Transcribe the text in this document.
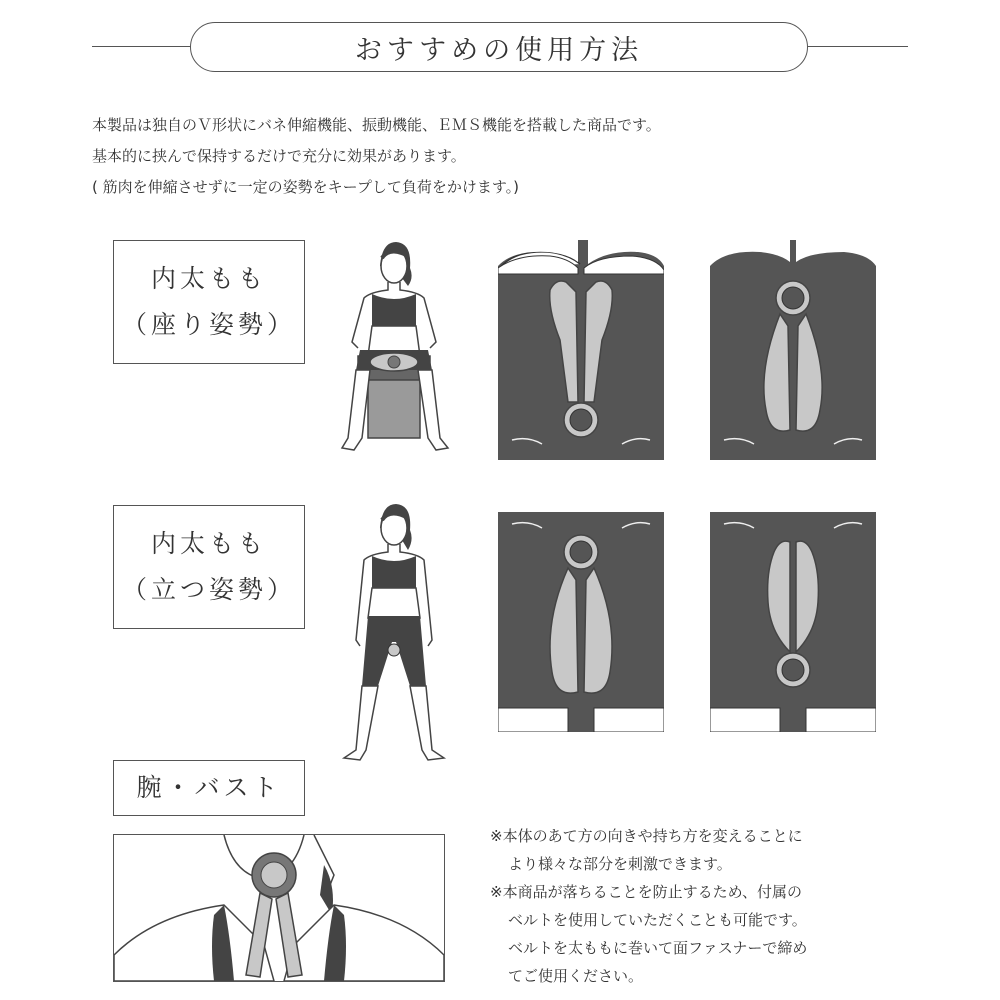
おすすめの使用方法
本製品は独自のＶ形状にバネ伸縮機能、振動機能、ＥＭＳ機能を搭載した商品です。
基本的に挟んで保持するだけで充分に効果があります。
( 筋肉を伸縮させずに一定の姿勢をキープして負荷をかけます。)
内太もも
（座り姿勢）
内太もも
（立つ姿勢）
腕・バスト
※本体のあて方の向きや持ち方を変えることに
より様々な部分を刺激できます。
※本商品が落ちることを防止するため、付属の
ベルトを使用していただくことも可能です。
ベルトを太ももに巻いて面ファスナーで締め
てご使用ください。
